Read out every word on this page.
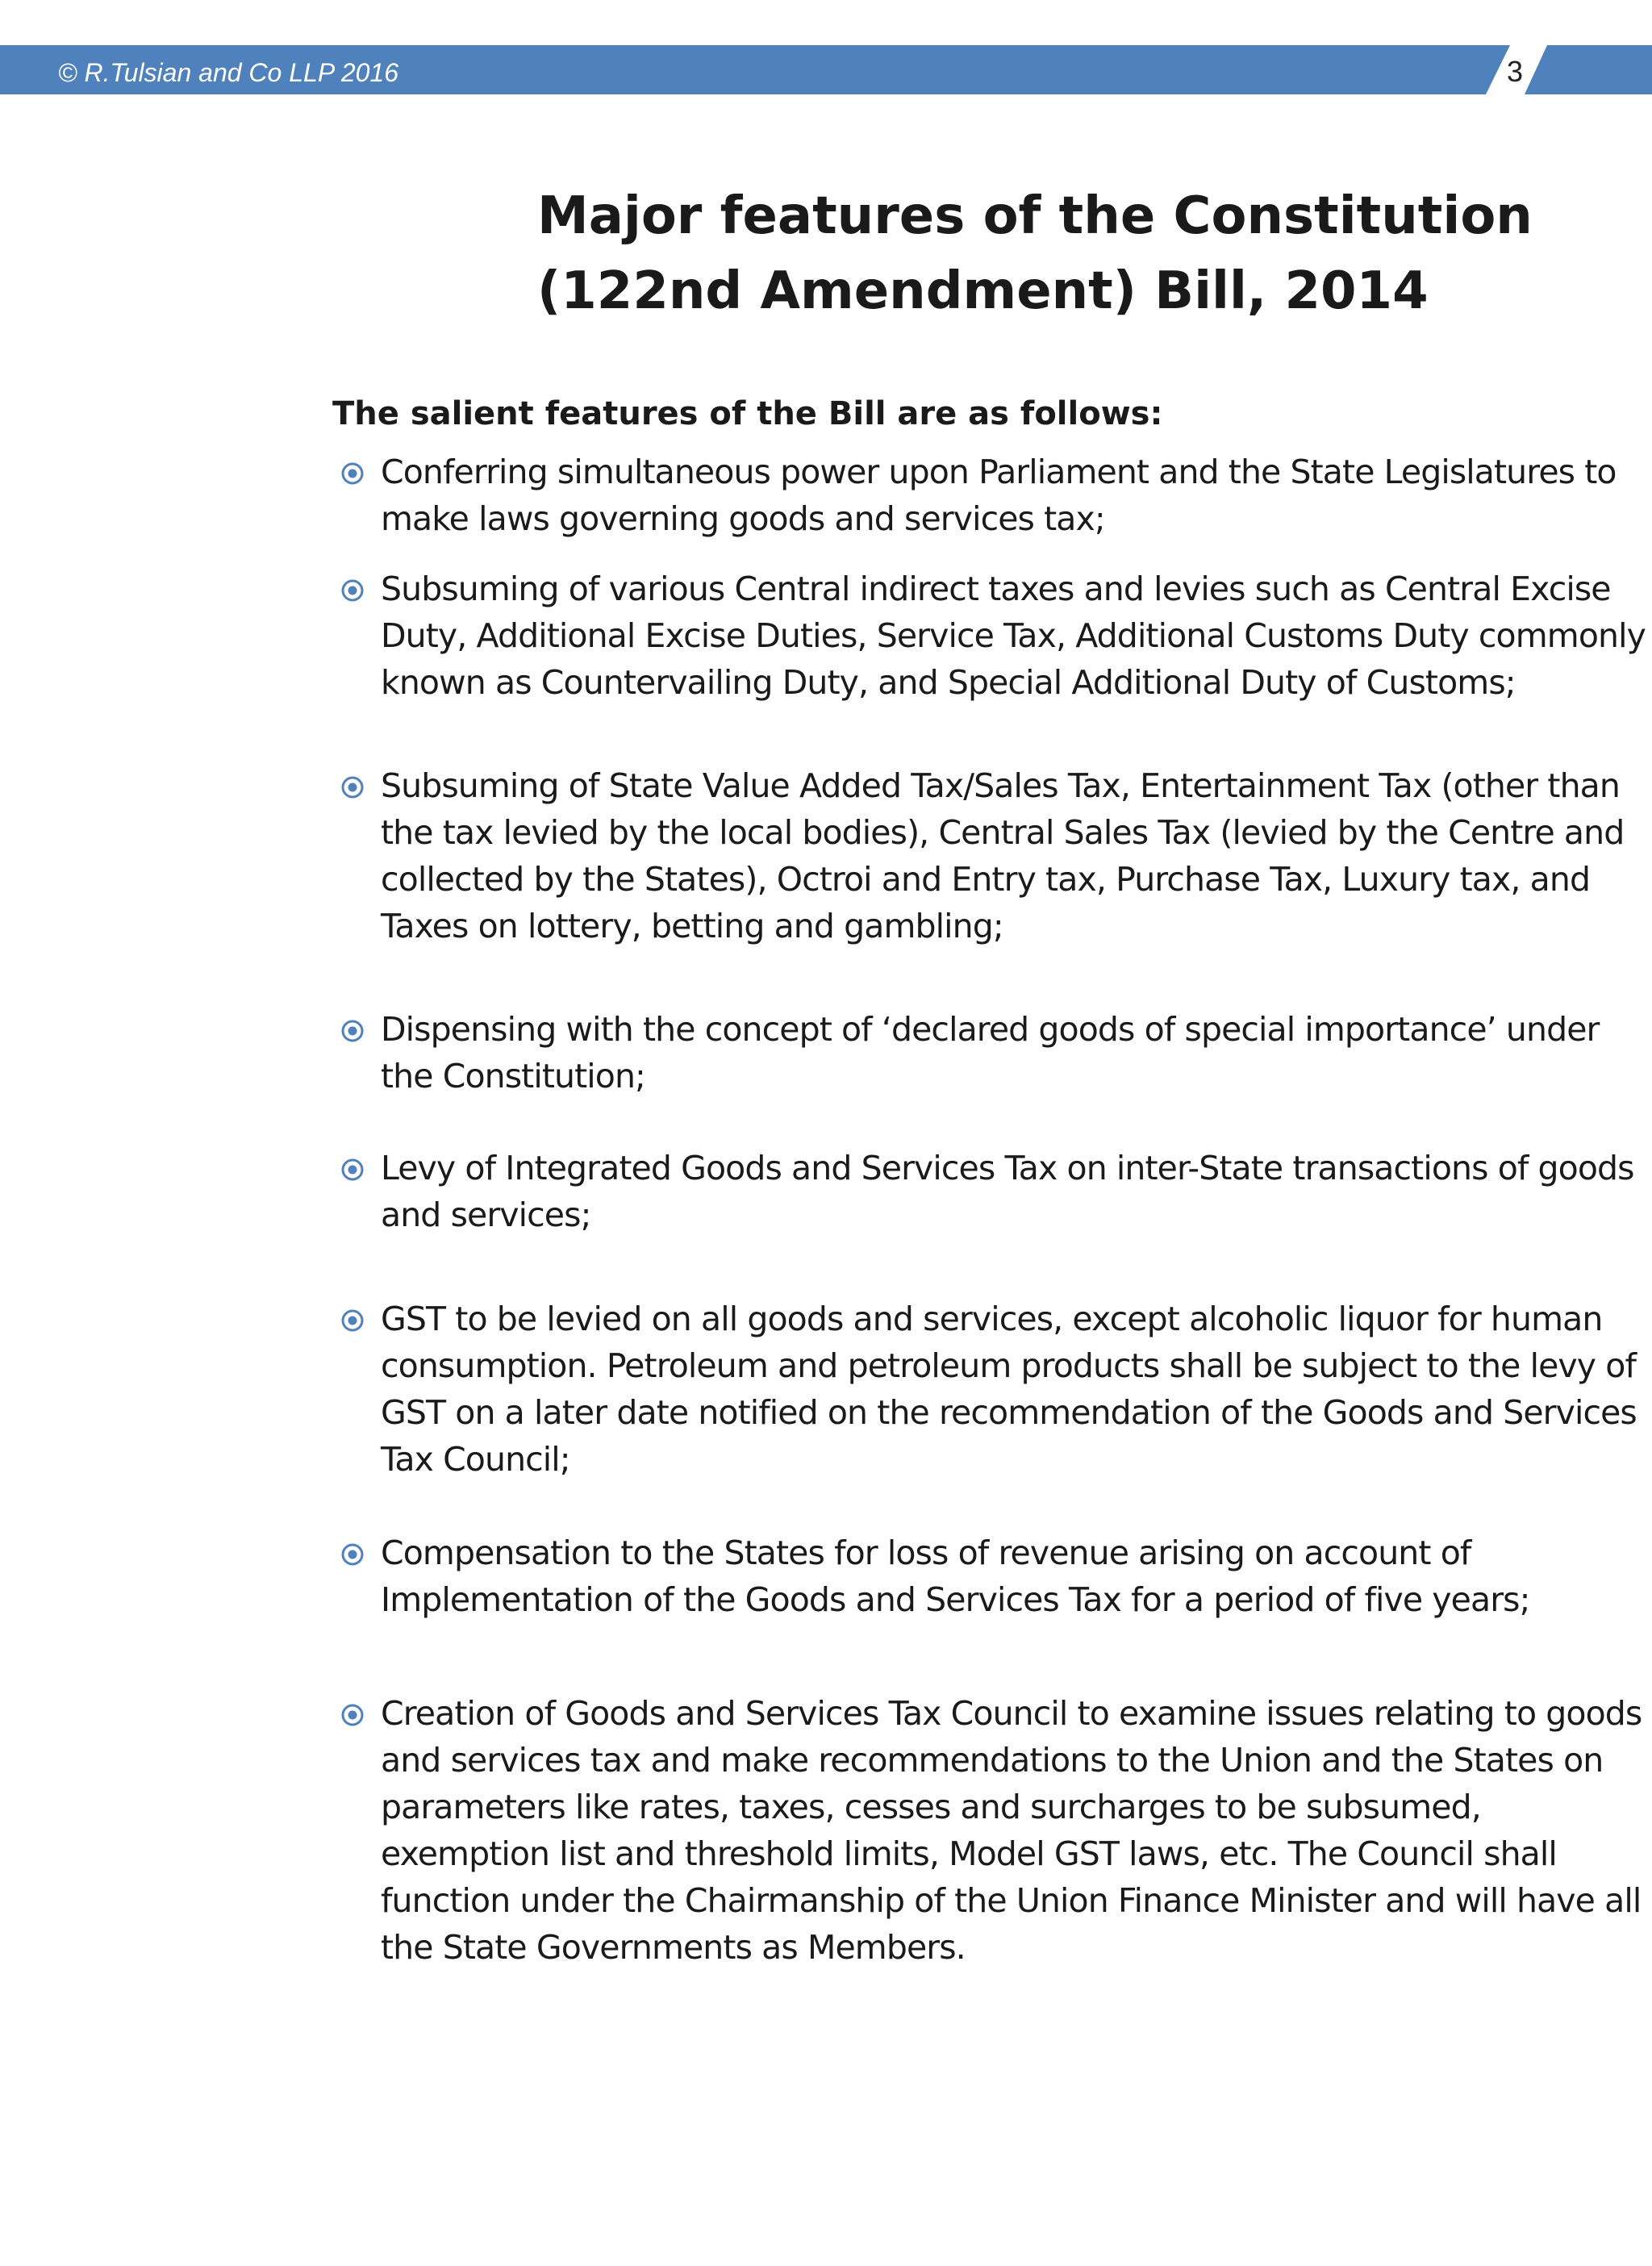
© R.Tulsian and Co LLP 2016	3
Major features of the Constitution
(122nd Amendment) Bill, 2014

The salient features of the Bill are as follows:

Conferring simultaneous power upon Parliament and the State Legislatures to make laws governing goods and services tax;
Subsuming of various Central indirect taxes and levies such as Central Excise Duty, Additional Excise Duties, Service Tax, Additional Customs Duty commonly known as Countervailing Duty, and Special Additional Duty of Customs;
Subsuming of State Value Added Tax/Sales Tax, Entertainment Tax (other than the tax levied by the local bodies), Central Sales Tax (levied by the Centre and collected by the States), Octroi and Entry tax, Purchase Tax, Luxury tax, and Taxes on lottery, betting and gambling;
Dispensing with the concept of ‘declared goods of special importance’ under the Constitution;
Levy of Integrated Goods and Services Tax on inter-State transactions of goods and services;
GST to be levied on all goods and services, except alcoholic liquor for human consumption. Petroleum and petroleum products shall be subject to the levy of GST on a later date notified on the recommendation of the Goods and Services Tax Council;
Compensation to the States for loss of revenue arising on account of Implementation of the Goods and Services Tax for a period of five years;
Creation of Goods and Services Tax Council to examine issues relating to goods and services tax and make recommendations to the Union and the States on parameters like rates, taxes, cesses and surcharges to be subsumed, exemption list and threshold limits, Model GST laws, etc. The Council shall function under the Chairmanship of the Union Finance Minister and will have all the State Governments as Members.
